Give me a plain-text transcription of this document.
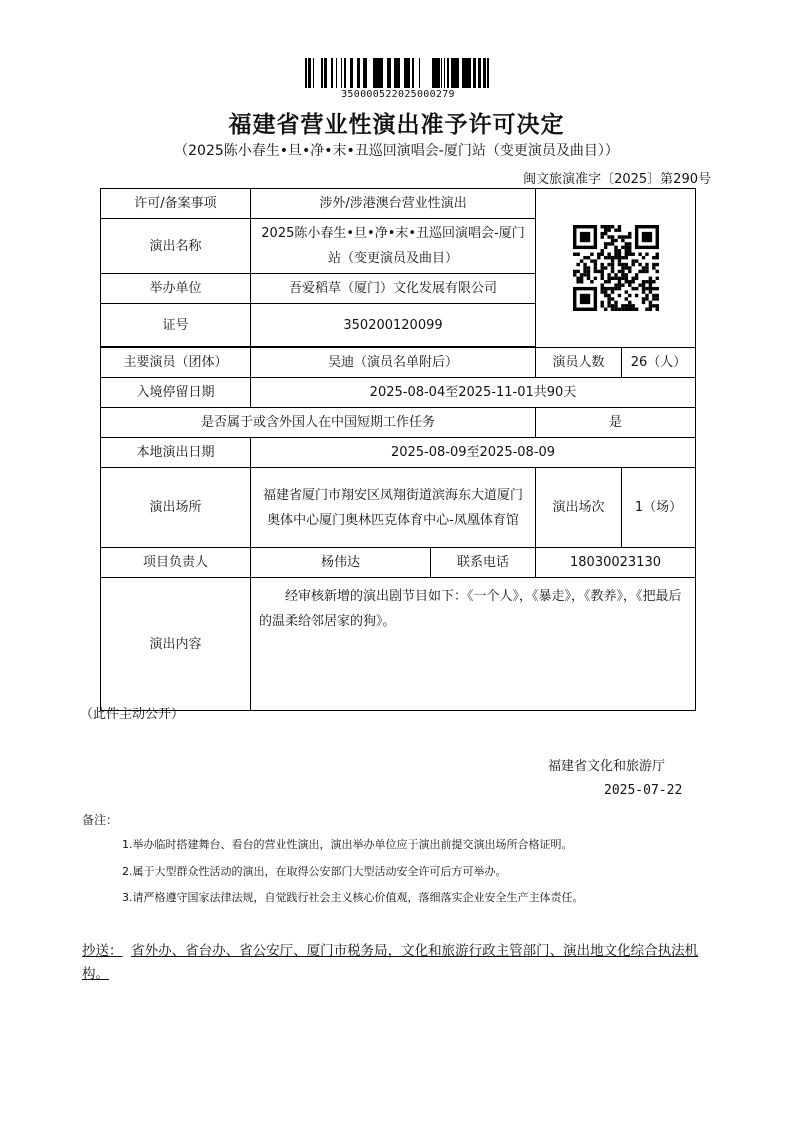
350000522025000279
福建省营业性演出准予许可决定
（2025陈小春生•旦•净•末•丑巡回演唱会-厦门站（变更演员及曲目））
闽文旅演准字〔2025〕第290号
许可/备案事项	涉外/涉港澳台营业性演出	

演出名称	2025陈小春生•旦•净•末•丑巡回演唱会-厦门站（变更演员及曲目）			
举办单位	吾爱稻草（厦门）文化发展有限公司			
证号	350200120099			

主要演员（团体）	吴迪（演员名单附后）		演员人数	26（人）
入境停留日期	2025-08-04至2025-11-01共90天			
是否属于或含外国人在中国短期工作任务			是	
本地演出日期	2025-08-09至2025-08-09			
演出场所	福建省厦门市翔安区凤翔街道滨海东大道厦门奥体中心厦门奥林匹克体育中心-凤凰体育馆		演出场次	1（场）
项目负责人	杨伟达	联系电话	18030023130	
演出内容	经审核新增的演出剧节目如下：《一个人》，《暴走》，《教养》，《把最后的温柔给邻居家的狗》。			
（此件主动公开）
福建省文化和旅游厅
2025-07-22
备注：
1.举办临时搭建舞台、看台的营业性演出，演出举办单位应于演出前提交演出场所合格证明。
2.属于大型群众性活动的演出，在取得公安部门大型活动安全许可后方可举办。
3.请严格遵守国家法律法规，自觉践行社会主义核心价值观，落细落实企业安全生产主体责任。
抄送： 省外办、省台办、省公安厅、厦门市税务局，文化和旅游行政主管部门、演出地文化综合执法机构。
